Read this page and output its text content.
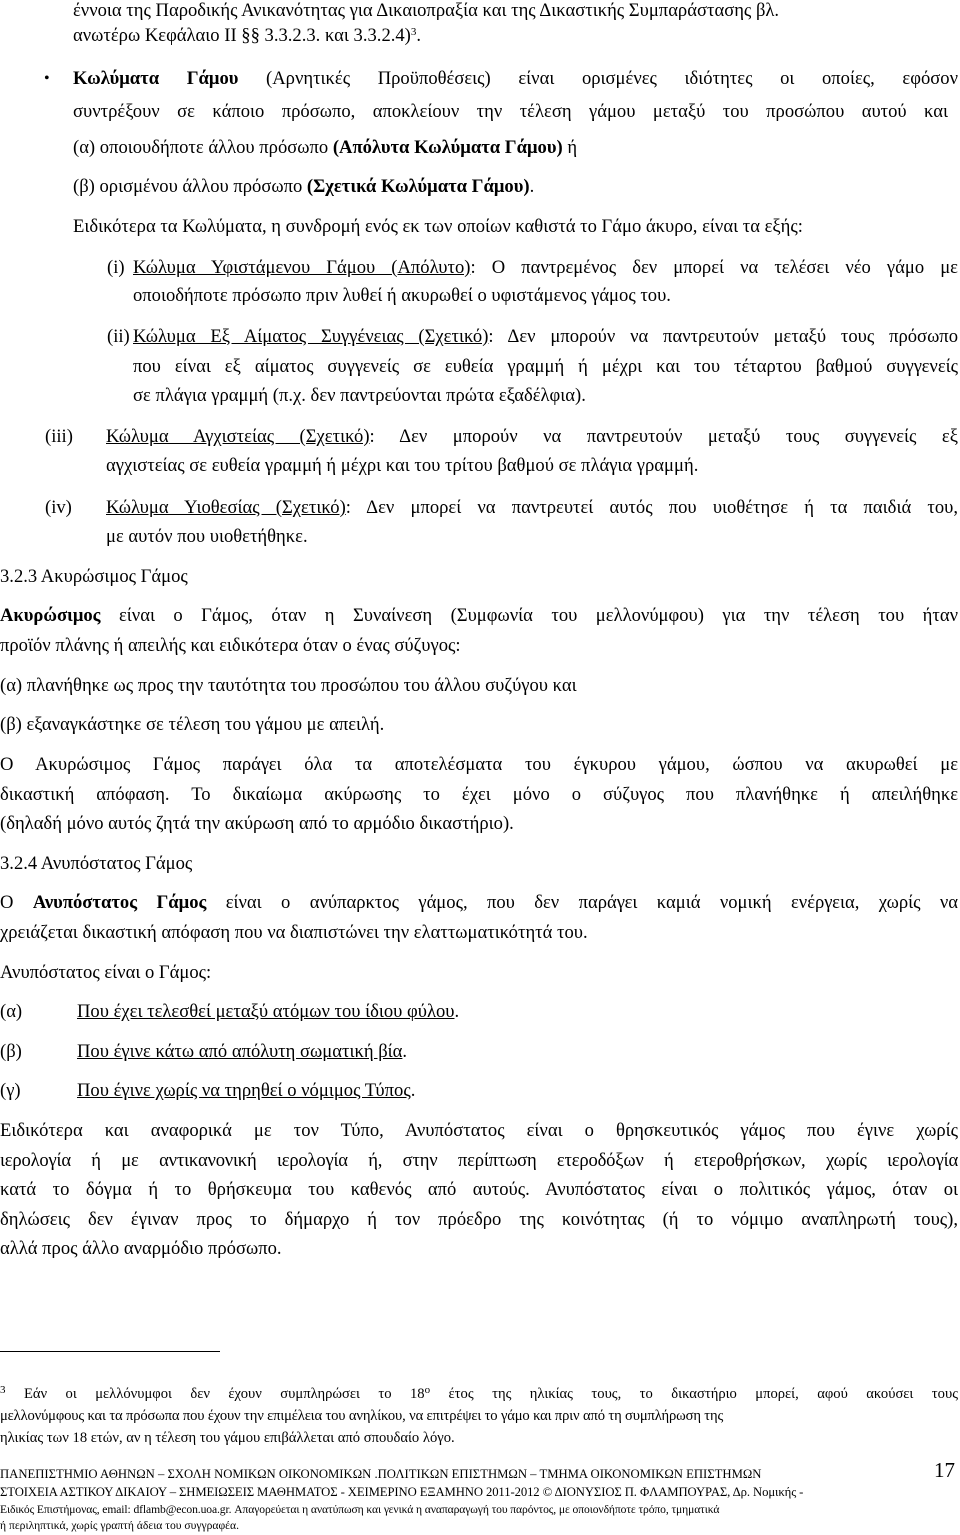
έννοια της Παροδικής Ανικανότητας για Δικαιοπραξία και της Δικαστικής Συμπαράστασης βλ.
ανωτέρω Κεφάλαιο ΙΙ §§ 3.3.2.3. και 3.3.2.4)$^3$.
• Κωλύματα Γάμου (Αρνητικές Προϋποθέσεις) είναι ορισμένες ιδιότητες οι οποίες, εφόσον
συντρέξουν σε κάποιο πρόσωπο, αποκλείουν την τέλεση γάμου μεταξύ του προσώπου αυτού και
(α) οποιουδήποτε άλλου πρόσωπο (Απόλυτα Κωλύματα Γάμου) ή
(β) ορισμένου άλλου πρόσωπο (Σχετικά Κωλύματα Γάμου).
Ειδικότερα τα Κωλύματα, η συνδρομή ενός εκ των οποίων καθιστά το Γάμο άκυρο, είναι τα εξής:
(i) Κώλυμα Υφιστάμενου Γάμου (Απόλυτο): Ο παντρεμένος δεν μπορεί να τελέσει νέο γάμο με
οποιοδήποτε πρόσωπο πριν λυθεί ή ακυρωθεί ο υφιστάμενος γάμος του.
(ii) Κώλυμα Εξ Αίματος Συγγένειας (Σχετικό): Δεν μπορούν να παντρευτούν μεταξύ τους πρόσωπο
που είναι εξ αίματος συγγενείς σε ευθεία γραμμή ή μέχρι και του τέταρτου βαθμού συγγενείς
σε πλάγια γραμμή (π.χ. δεν παντρεύονται πρώτα εξαδέλφια).
(iii) Κώλυμα Αγχιστείας (Σχετικό): Δεν μπορούν να παντρευτούν μεταξύ τους συγγενείς εξ
αγχιστείας σε ευθεία γραμμή ή μέχρι και του τρίτου βαθμού σε πλάγια γραμμή.
(iv) Κώλυμα Υιοθεσίας (Σχετικό): Δεν μπορεί να παντρευτεί αυτός που υιοθέτησε ή τα παιδιά του,
με αυτόν που υιοθετήθηκε.
3.2.3 Ακυρώσιμος Γάμος
Ακυρώσιμος είναι ο Γάμος, όταν η Συναίνεση (Συμφωνία του μελλονύμφου) για την τέλεση του ήταν
προϊόν πλάνης ή απειλής και ειδικότερα όταν ο ένας σύζυγος:
(α) πλανήθηκε ως προς την ταυτότητα του προσώπου του άλλου συζύγου και
(β) εξαναγκάστηκε σε τέλεση του γάμου με απειλή.
Ο Ακυρώσιμος Γάμος παράγει όλα τα αποτελέσματα του έγκυρου γάμου, ώσπου να ακυρωθεί με
δικαστική απόφαση. Το δικαίωμα ακύρωσης το έχει μόνο ο σύζυγος που πλανήθηκε ή απειλήθηκε
(δηλαδή μόνο αυτός ζητά την ακύρωση από το αρμόδιο δικαστήριο).
3.2.4 Ανυπόστατος Γάμος
Ο Ανυπόστατος Γάμος είναι ο ανύπαρκτος γάμος, που δεν παράγει καμιά νομική ενέργεια, χωρίς να
χρειάζεται δικαστική απόφαση που να διαπιστώνει την ελαττωματικότητά του.
Ανυπόστατος είναι ο Γάμος:
(α)	Που έχει τελεσθεί μεταξύ ατόμων του ίδιου φύλου.
(β)	Που έγινε κάτω από απόλυτη σωματική βία.
(γ)	Που έγινε χωρίς να τηρηθεί ο νόμιμος Τύπος.
Ειδικότερα και αναφορικά με τον Τύπο, Ανυπόστατος είναι ο θρησκευτικός γάμος που έγινε χωρίς
ιερολογία ή με αντικανονική ιερολογία ή, στην περίπτωση ετεροδόξων ή ετεροθρήσκων, χωρίς ιερολογία
κατά το δόγμα ή το θρήσκευμα του καθενός από αυτούς. Ανυπόστατος είναι ο πολιτικός γάμος, όταν οι
δηλώσεις δεν έγιναν προς το δήμαρχο ή τον πρόεδρο της κοινότητας (ή το νόμιμο αναπληρωτή τους),
αλλά προς άλλο αναρμόδιο πρόσωπο.
$^3$ Εάν οι μελλόνυμφοι δεν έχουν συμπληρώσει το $18^o$ έτος της ηλικίας τους, το δικαστήριο μπορεί, αφού ακούσει τους
μελλονύμφους και τα πρόσωπα που έχουν την επιμέλεια του ανηλίκου, να επιτρέψει το γάμο και πριν από τη συμπλήρωση της
ηλικίας των 18 ετών, αν η τέλεση του γάμου επιβάλλεται από σπουδαίο λόγο.
ΠΑΝΕΠΙΣΤΗΜΙΟ ΑΘΗΝΩΝ – ΣΧΟΛΗ ΝΟΜΙΚΩΝ ΟΙΚΟΝΟΜΙΚΩΝ .ΠΟΛΙΤΙΚΩΝ ΕΠΙΣΤΗΜΩΝ – ΤΜΗΜΑ ΟΙΚΟΝΟΜΙΚΩΝ ΕΠΙΣΤΗΜΩΝ	17
ΣΤΟΙΧΕΙΑ ΑΣΤΙΚΟΥ ΔΙΚΑΙΟΥ – ΣΗΜΕΙΩΣΕΙΣ ΜΑΘΗΜΑΤΟΣ - ΧΕΙΜΕΡΙΝΟ ΕΞΑΜΗΝΟ 2011-2012 © ΔΙΟΝΥΣΙΟΣ Π. ΦΛΑΜΠΟΥΡΑΣ, Δρ. Νομικής -
Ειδικός Επιστήμονας, email: dflamb@econ.uoa.gr. Απαγορεύεται η ανατύπωση και γενικά η αναπαραγωγή του παρόντος, με οποιονδήποτε τρόπο, τμηματικά
ή περιληπτικά, χωρίς γραπτή άδεια του συγγραφέα.
